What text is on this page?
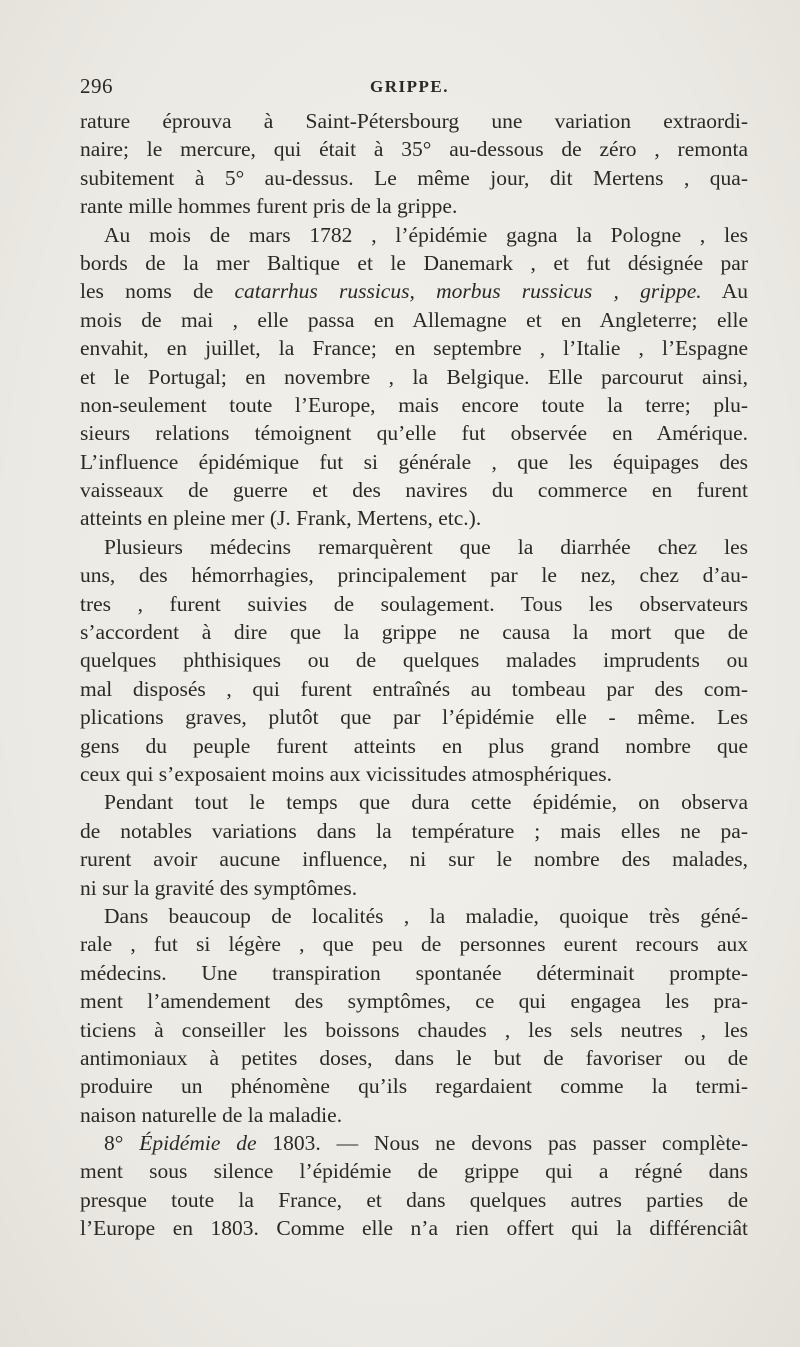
296	GRIPPE.
rature éprouva à Saint-Pétersbourg une variation extraordi-
naire; le mercure, qui était à 35° au-dessous de zéro , remonta
subitement à 5° au-dessus. Le même jour, dit Mertens , qua-
rante mille hommes furent pris de la grippe.
Au mois de mars 1782 , l’épidémie gagna la Pologne , les
bords de la mer Baltique et le Danemark , et fut désignée par
les noms de catarrhus russicus, morbus russicus , grippe. Au
mois de mai , elle passa en Allemagne et en Angleterre; elle
envahit, en juillet, la France; en septembre , l’Italie , l’Espagne
et le Portugal; en novembre , la Belgique. Elle parcourut ainsi,
non-seulement toute l’Europe, mais encore toute la terre; plu-
sieurs relations témoignent qu’elle fut observée en Amérique.
L’influence épidémique fut si générale , que les équipages des
vaisseaux de guerre et des navires du commerce en furent
atteints en pleine mer (J. Frank, Mertens, etc.).
Plusieurs médecins remarquèrent que la diarrhée chez les
uns, des hémorrhagies, principalement par le nez, chez d’au-
tres , furent suivies de soulagement. Tous les observateurs
s’accordent à dire que la grippe ne causa la mort que de
quelques phthisiques ou de quelques malades imprudents ou
mal disposés , qui furent entraînés au tombeau par des com-
plications graves, plutôt que par l’épidémie elle - même. Les
gens du peuple furent atteints en plus grand nombre que
ceux qui s’exposaient moins aux vicissitudes atmosphériques.
Pendant tout le temps que dura cette épidémie, on observa
de notables variations dans la température ; mais elles ne pa-
rurent avoir aucune influence, ni sur le nombre des malades,
ni sur la gravité des symptômes.
Dans beaucoup de localités , la maladie, quoique très géné-
rale , fut si légère , que peu de personnes eurent recours aux
médecins. Une transpiration spontanée déterminait prompte-
ment l’amendement des symptômes, ce qui engagea les pra-
ticiens à conseiller les boissons chaudes , les sels neutres , les
antimoniaux à petites doses, dans le but de favoriser ou de
produire un phénomène qu’ils regardaient comme la termi-
naison naturelle de la maladie.
8° Épidémie de 1803. — Nous ne devons pas passer complète-
ment sous silence l’épidémie de grippe qui a régné dans
presque toute la France, et dans quelques autres parties de
l’Europe en 1803. Comme elle n’a rien offert qui la différenciât
